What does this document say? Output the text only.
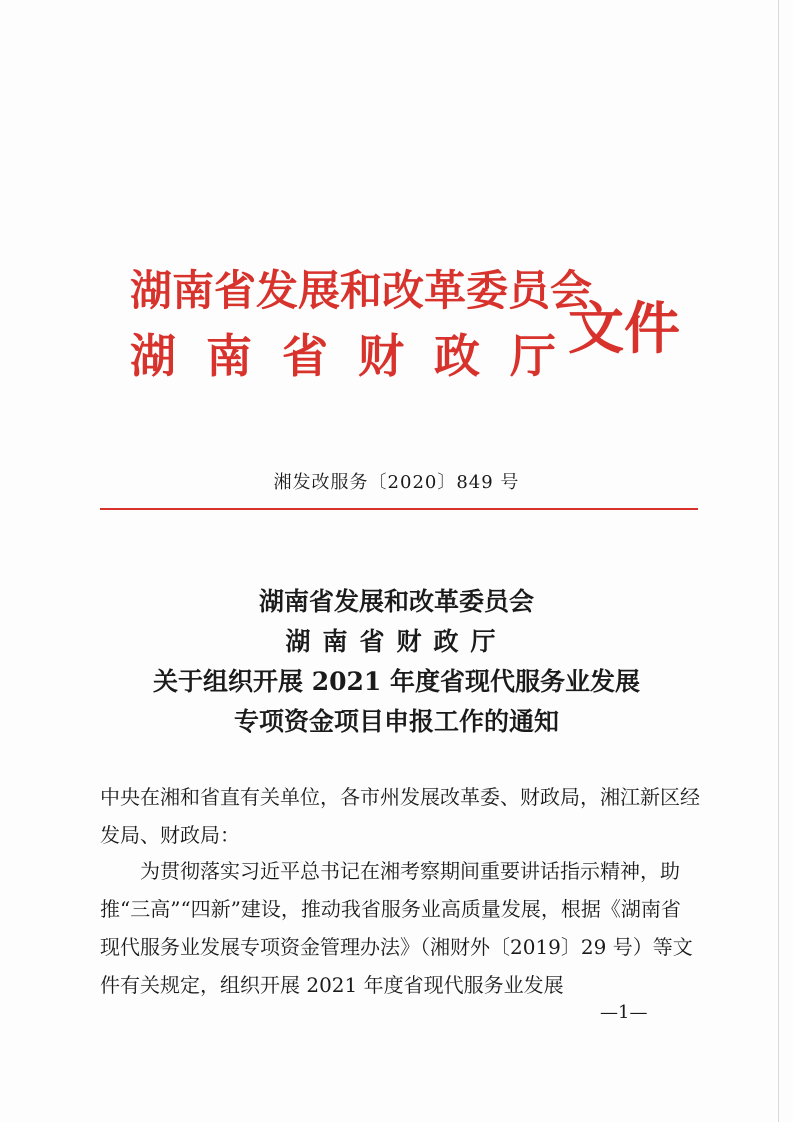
湖南省发展和改革委员会
湖南省财政厅
文件
湘发改服务〔2020〕849 号
湖南省发展和改革委员会
湖南省财政厅
关于组织开展 2021 年度省现代服务业发展
专项资金项目申报工作的通知
中央在湘和省直有关单位，各市州发展改革委、财政局，湘江新区经发局、财政局：
为贯彻落实习近平总书记在湘考察期间重要讲话指示精神，助推“三高”“四新”建设，推动我省服务业高质量发展，根据《湖南省现代服务业发展专项资金管理办法》（湘财外〔2019〕29 号）等文件有关规定，组织开展 2021 年度省现代服务业发展
—1—
